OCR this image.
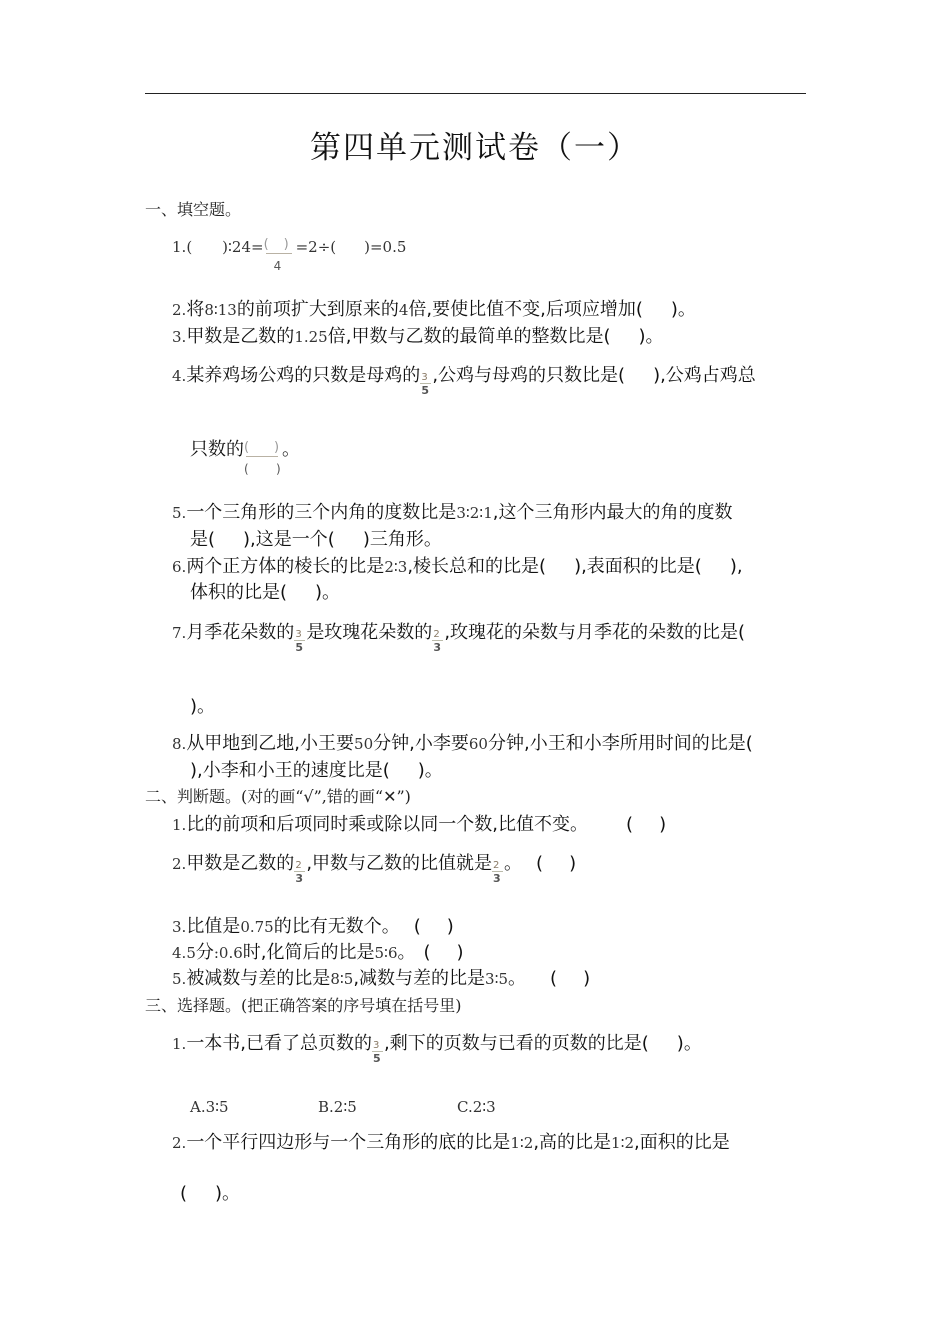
第四单元测试卷（一）
一、填空题。
1.( )∶24= ( )
4
=2÷( )=0.5
2.将8∶13的前项扩大到原来的4倍,要使比值不变,后项应增加( )。
3.甲数是乙数的1.25倍,甲数与乙数的最简单的整数比是( )。
4.某养鸡场公鸡的只数是母鸡的 $\frac{3}{5}$ ,公鸡与母鸡的只数比是( ),公鸡占鸡总
只数的 ( )
( )
。
5.一个三角形的三个内角的度数比是3∶2∶1,这个三角形内最大的角的度数
是( ),这是一个( )三角形。
6.两个正方体的棱长的比是2∶3,棱长总和的比是( ),表面积的比是( ),
体积的比是( )。
7.月季花朵数的 $\frac{3}{5}$ 是玫瑰花朵数的 $\frac{2}{3}$ ,玫瑰花的朵数与月季花的朵数的比是(
)。
8.从甲地到乙地,小王要50分钟,小李要60分钟,小王和小李所用时间的比是(
),小李和小王的速度比是( )。
二、判断题。(对的画“√”,错的画“✕”)
1.比的前项和后项同时乘或除以同一个数,比值不变。 ( )
2.甲数是乙数的 $\frac{2}{3}$ ,甲数与乙数的比值就是 $\frac{2}{3}$ 。 ( )
3.比值是0.75的比有无数个。 ( )
4.5分:0.6时,化简后的比是5∶6。 ( )
5.被减数与差的比是8∶5,减数与差的比是3∶5。 ( )
三、选择题。(把正确答案的序号填在括号里)
1.一本书,已看了总页数的 $\frac{3}{5}$ ,剩下的页数与已看的页数的比是( )。
A.3∶5	B.2∶5	C.2∶3
2.一个平行四边形与一个三角形的底的比是1∶2,高的比是1∶2,面积的比是
( )。
